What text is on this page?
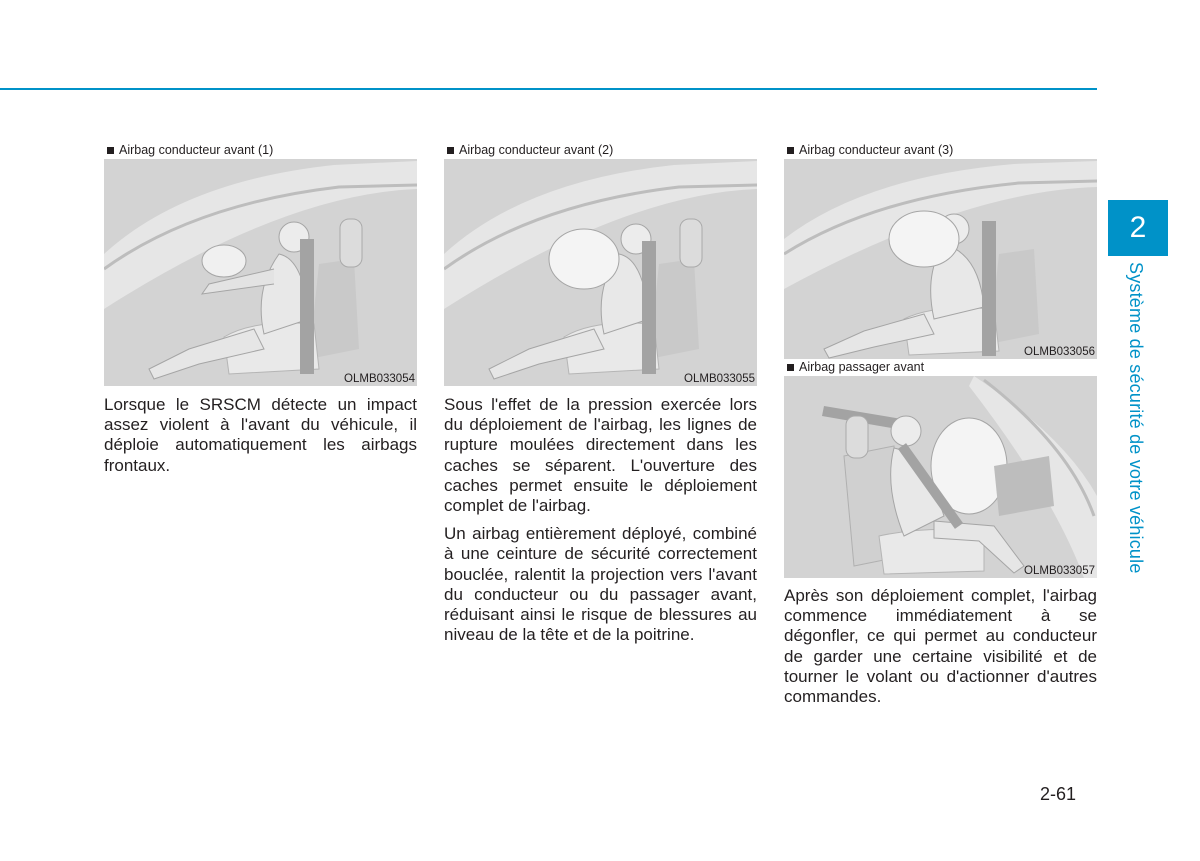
2
Système de sécurité de votre véhicule
Airbag conducteur avant (1)
OLMB033054
Airbag conducteur avant (2)
OLMB033055
Airbag conducteur avant (3)
OLMB033056
Airbag passager avant
OLMB033057

Lorsque le SRSCM détecte un impact assez violent à l'avant du véhicule, il déploie automatiquement les airbags frontaux.

Sous l'effet de la pression exercée lors du déploiement de l'airbag, les lignes de rupture moulées directement dans les caches se séparent. L'ouverture des caches permet ensuite le déploiement complet de l'airbag.

Un airbag entièrement déployé, combiné à une ceinture de sécurité correctement bouclée, ralentit la projection vers l'avant du conducteur ou du passager avant, réduisant ainsi le risque de blessures au niveau de la tête et de la poitrine.

Après son déploiement complet, l'airbag commence immédiatement à se dégonfler, ce qui permet au conducteur de garder une certaine visibilité et de tourner le volant ou d'actionner d'autres commandes.

2-61
